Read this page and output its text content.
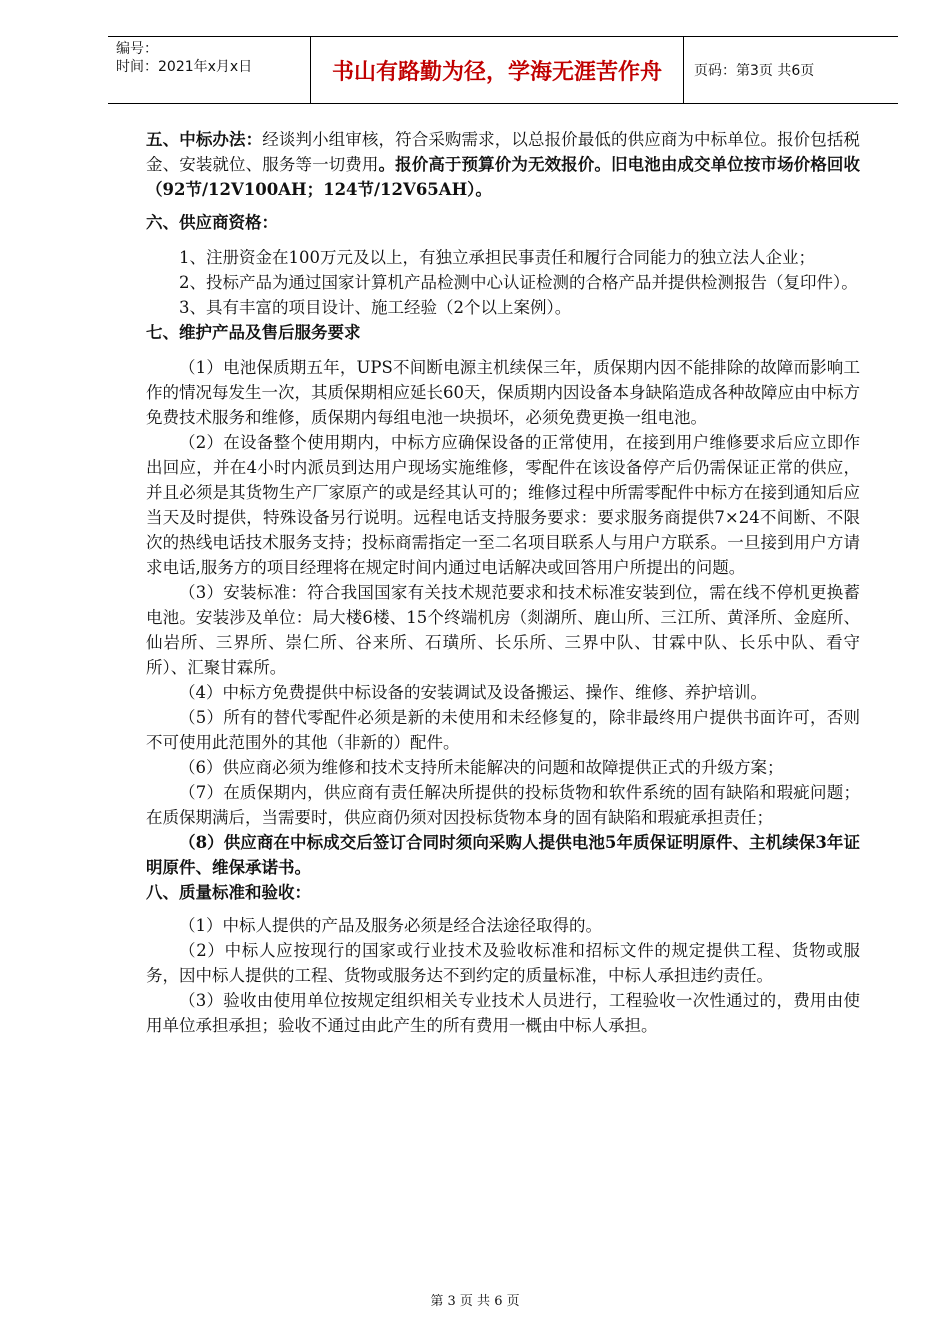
编号：
时间：2021年x月x日	书山有路勤为径，学海无涯苦作舟	页码：第3页 共6页

五、中标办法：经谈判小组审核，符合采购需求，以总报价最低的供应商为中标单位。报价包括税金、安装就位、服务等一切费用。报价高于预算价为无效报价。旧电池由成交单位按市场价格回收（92节/12V100AH；124节/12V65AH）。

六、供应商资格：

1、注册资金在100万元及以上，有独立承担民事责任和履行合同能力的独立法人企业；

2、投标产品为通过国家计算机产品检测中心认证检测的合格产品并提供检测报告（复印件）。

3、具有丰富的项目设计、施工经验（2个以上案例）。

七、维护产品及售后服务要求

（1）电池保质期五年，UPS不间断电源主机续保三年，质保期内因不能排除的故障而影响工作的情况每发生一次，其质保期相应延长60天，保质期内因设备本身缺陷造成各种故障应由中标方免费技术服务和维修，质保期内每组电池一块损坏，必须免费更换一组电池。

（2）在设备整个使用期内，中标方应确保设备的正常使用，在接到用户维修要求后应立即作出回应，并在4小时内派员到达用户现场实施维修，零配件在该设备停产后仍需保证正常的供应，并且必须是其货物生产厂家原产的或是经其认可的；维修过程中所需零配件中标方在接到通知后应当天及时提供，特殊设备另行说明。远程电话支持服务要求：要求服务商提供7×24不间断、不限次的热线电话技术服务支持；投标商需指定一至二名项目联系人与用户方联系。一旦接到用户方请求电话,服务方的项目经理将在规定时间内通过电话解决或回答用户所提出的问题。

（3）安装标准：符合我国国家有关技术规范要求和技术标准安装到位，需在线不停机更换蓄电池。安装涉及单位：局大楼6楼、15个终端机房（剡湖所、鹿山所、三江所、黄泽所、金庭所、仙岩所、三界所、崇仁所、谷来所、石璜所、长乐所、三界中队、甘霖中队、长乐中队、看守所）、汇聚甘霖所。

（4）中标方免费提供中标设备的安装调试及设备搬运、操作、维修、养护培训。

（5）所有的替代零配件必须是新的未使用和未经修复的，除非最终用户提供书面许可，否则不可使用此范围外的其他（非新的）配件。

（6）供应商必须为维修和技术支持所未能解决的问题和故障提供正式的升级方案；

（7）在质保期内，供应商有责任解决所提供的投标货物和软件系统的固有缺陷和瑕疵问题；在质保期满后，当需要时，供应商仍须对因投标货物本身的固有缺陷和瑕疵承担责任；

（8）供应商在中标成交后签订合同时须向采购人提供电池5年质保证明原件、主机续保3年证明原件、维保承诺书。

八、质量标准和验收：

（1）中标人提供的产品及服务必须是经合法途径取得的。

（2）中标人应按现行的国家或行业技术及验收标准和招标文件的规定提供工程、货物或服务，因中标人提供的工程、货物或服务达不到约定的质量标准，中标人承担违约责任。

（3）验收由使用单位按规定组织相关专业技术人员进行，工程验收一次性通过的，费用由使用单位承担承担；验收不通过由此产生的所有费用一概由中标人承担。

第 3 页 共 6 页
